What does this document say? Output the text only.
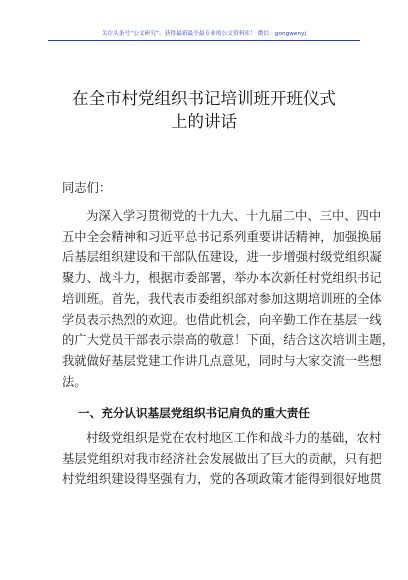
关注头条号“公文研究”、获得最新最全最专业的公文资料库！ 微信：gongwenyj
在全市村党组织书记培训班开班仪式
上的讲话
同志们：
为深入学习贯彻党的十九大、十九届二中、三中、四中
五中全会精神和习近平总书记系列重要讲话精神，加强换届
后基层组织建设和干部队伍建设，进一步增强村级党组织凝
聚力、战斗力，根据市委部署，举办本次新任村党组织书记
培训班。首先，我代表市委组织部对参加这期培训班的全体
学员表示热烈的欢迎。也借此机会，向辛勤工作在基层一线
的广大党员干部表示崇高的敬意！下面，结合这次培训主题，
我就做好基层党建工作讲几点意见，同时与大家交流一些想
法。
一、充分认识基层党组织书记肩负的重大责任
村级党组织是党在农村地区工作和战斗力的基础，农村
基层党组织对我市经济社会发展做出了巨大的贡献，只有把
村党组织建设得坚强有力，党的各项政策才能得到很好地贯
